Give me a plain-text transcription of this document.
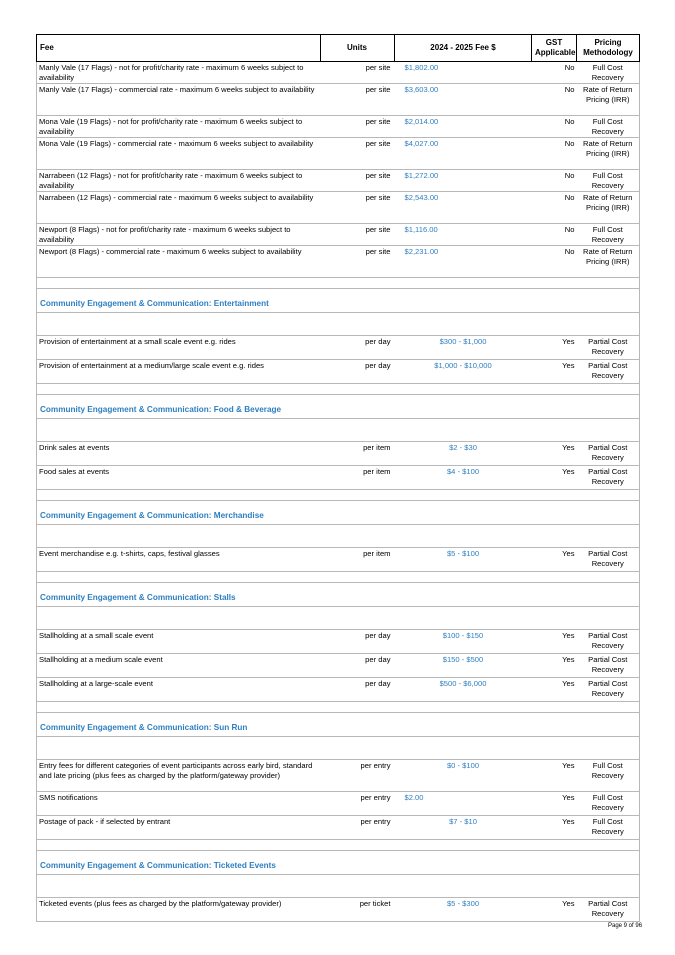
Fee	Units	2024 - 2025 Fee $	GST Applicable	Pricing Methodology
Manly Vale (17 Flags) - not for profit/charity rate - maximum 6 weeks subject to availability	per site	$1,802.00	No	Full Cost Recovery
Manly Vale (17 Flags) - commercial rate - maximum 6 weeks subject to availability	per site	$3,603.00	No	Rate of Return Pricing (IRR)
Mona Vale (19 Flags) - not for profit/charity rate - maximum 6 weeks subject to availability	per site	$2,014.00	No	Full Cost Recovery
Mona Vale (19 Flags) - commercial rate - maximum 6 weeks subject to availability	per site	$4,027.00	No	Rate of Return Pricing (IRR)
Narrabeen (12 Flags) - not for profit/charity rate - maximum 6 weeks subject to availability	per site	$1,272.00	No	Full Cost Recovery
Narrabeen (12 Flags) - commercial rate - maximum 6 weeks subject to availability	per site	$2,543.00	No	Rate of Return Pricing (IRR)
Newport (8 Flags) - not for profit/charity rate - maximum 6 weeks subject to availability	per site	$1,116.00	No	Full Cost Recovery
Newport (8 Flags) - commercial rate - maximum 6 weeks subject to availability	per site	$2,231.00	No	Rate of Return Pricing (IRR)

Community Engagement & Communication: Entertainment				

Provision of entertainment at a small scale event e.g. rides	per day	$300 - $1,000	Yes	Partial Cost Recovery
Provision of entertainment at a medium/large scale event e.g. rides	per day	$1,000 - $10,000	Yes	Partial Cost Recovery

Community Engagement & Communication: Food & Beverage				

Drink sales at events	per item	$2 - $30	Yes	Partial Cost Recovery
Food sales at events	per item	$4 - $100	Yes	Partial Cost Recovery

Community Engagement & Communication: Merchandise				

Event merchandise e.g. t-shirts, caps, festival glasses	per item	$5 - $100	Yes	Partial Cost Recovery

Community Engagement & Communication: Stalls				

Stallholding at a small scale event	per day	$100 - $150	Yes	Partial Cost Recovery
Stallholding at a medium scale event	per day	$150 - $500	Yes	Partial Cost Recovery
Stallholding at a large-scale event	per day	$500 - $6,000	Yes	Partial Cost Recovery

Community Engagement & Communication: Sun Run				

Entry fees for different categories of event participants across early bird, standard and late pricing (plus fees as charged by the platform/gateway provider)	per entry	$0 - $100	Yes	Full Cost Recovery
SMS notifications	per entry	$2.00	Yes	Full Cost Recovery
Postage of pack - if selected by entrant	per entry	$7 - $10	Yes	Full Cost Recovery

Community Engagement & Communication: Ticketed Events				

Ticketed events (plus fees as charged by the platform/gateway provider)	per ticket	$5 - $300	Yes	Partial Cost Recovery
Page 9 of 96
